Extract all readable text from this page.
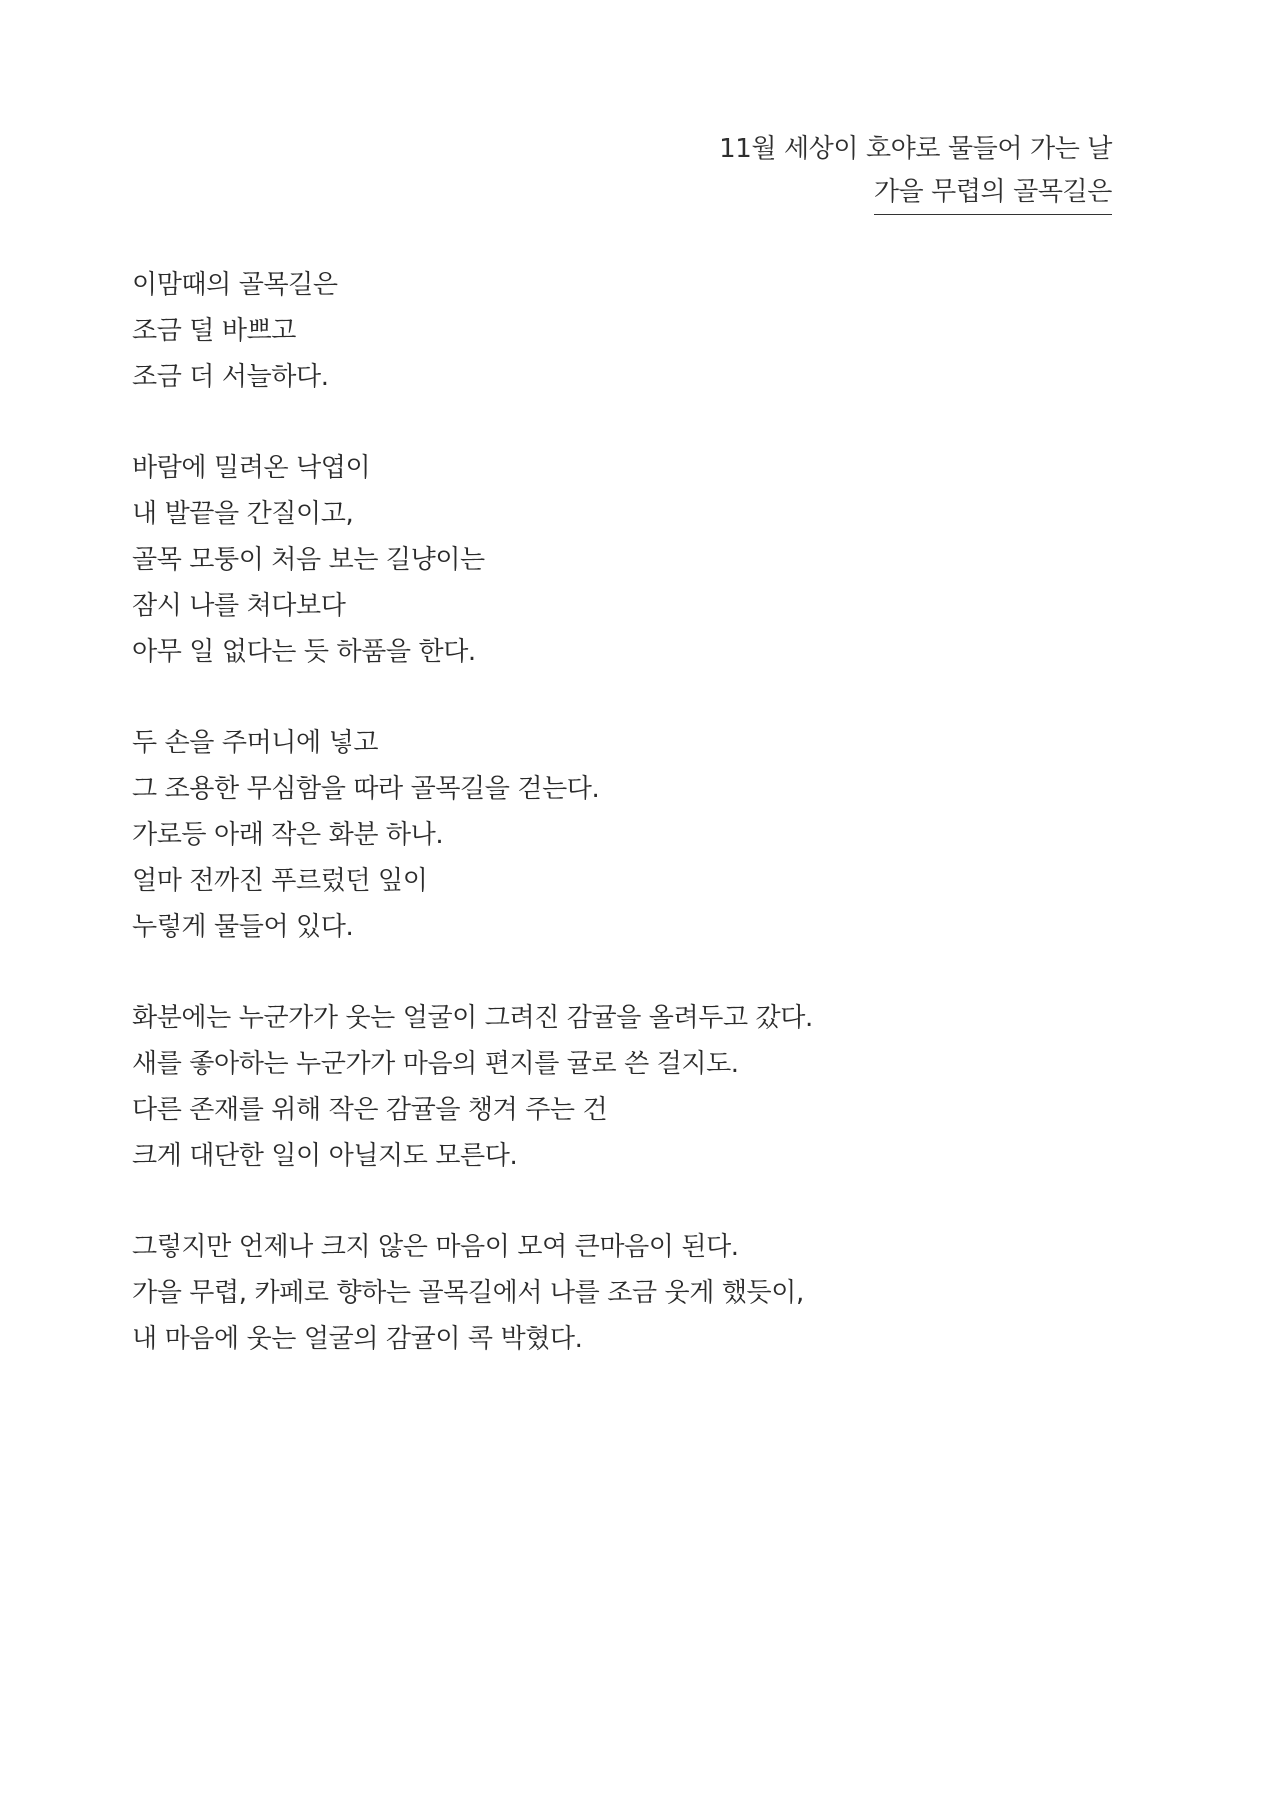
11월 세상이 호야로 물들어 가는 날
가을 무렵의 골목길은
이맘때의 골목길은
조금 덜 바쁘고
조금 더 서늘하다.
바람에 밀려온 낙엽이
내 발끝을 간질이고,
골목 모퉁이 처음 보는 길냥이는
잠시 나를 쳐다보다
아무 일 없다는 듯 하품을 한다.
두 손을 주머니에 넣고
그 조용한 무심함을 따라 골목길을 걷는다.
가로등 아래 작은 화분 하나.
얼마 전까진 푸르렀던 잎이
누렇게 물들어 있다.
화분에는 누군가가 웃는 얼굴이 그려진 감귤을 올려두고 갔다.
새를 좋아하는 누군가가 마음의 편지를 귤로 쓴 걸지도.
다른 존재를 위해 작은 감귤을 챙겨 주는 건
크게 대단한 일이 아닐지도 모른다.
그렇지만 언제나 크지 않은 마음이 모여 큰마음이 된다.
가을 무렵, 카페로 향하는 골목길에서 나를 조금 웃게 했듯이,
내 마음에 웃는 얼굴의 감귤이 콕 박혔다.
